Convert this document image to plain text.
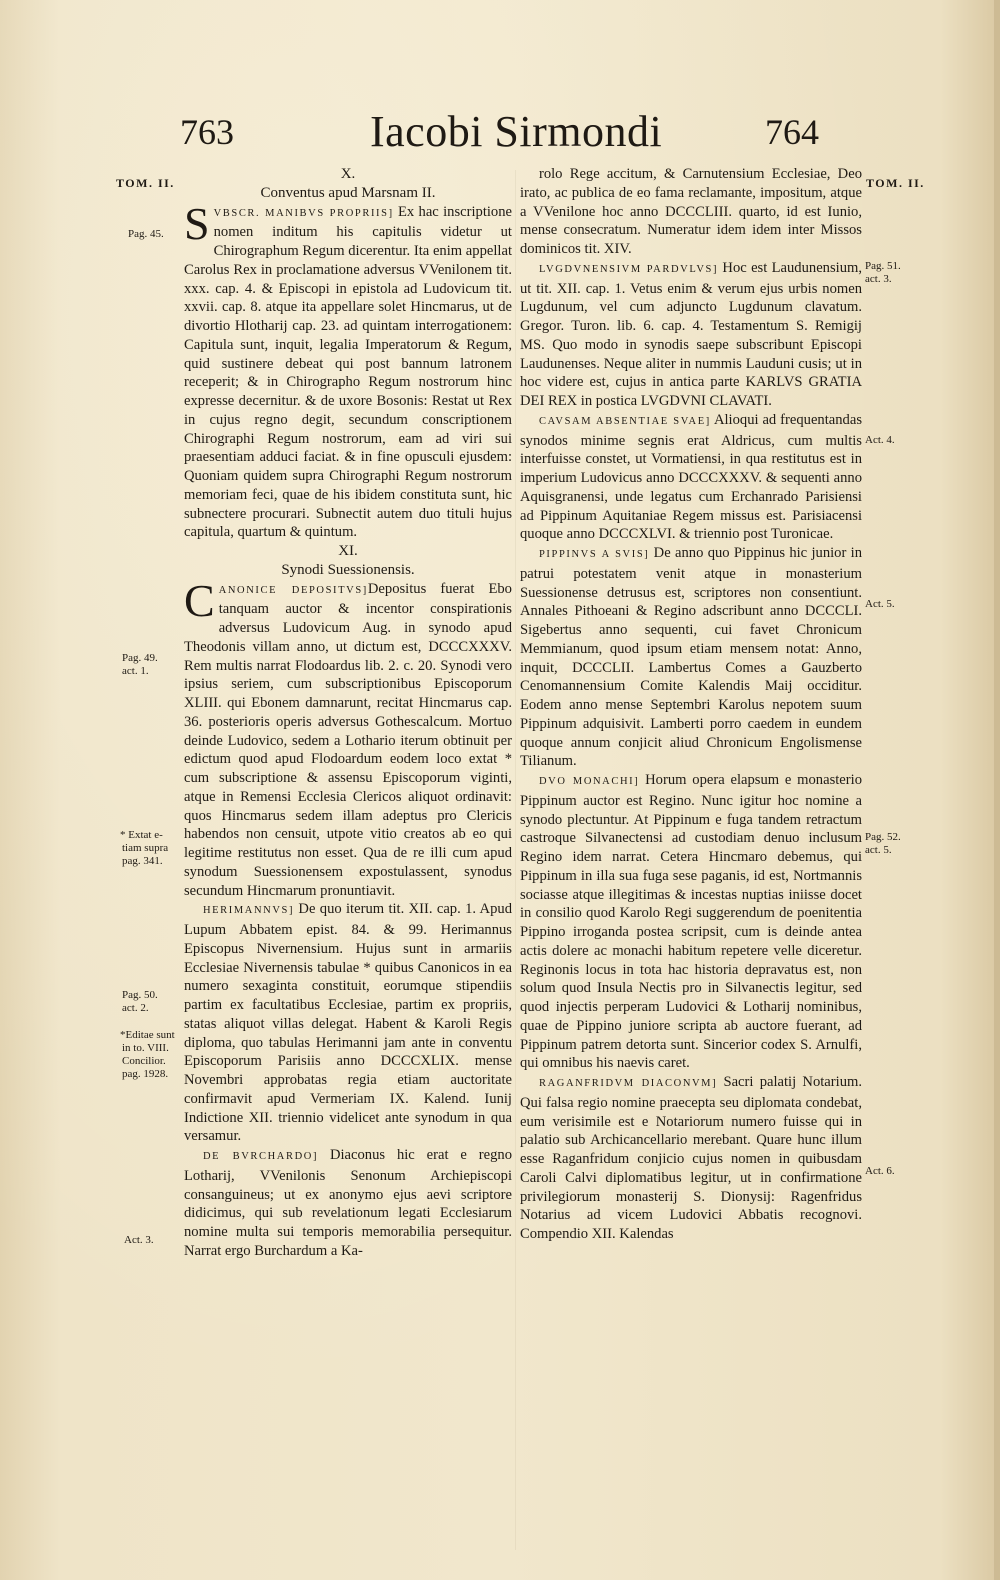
763	Iacobi Sirmondi	764
TOM. II.	TOM. II.
Pag. 45.
Pag. 49.
act. 1.
* Extat e-
tiam supra
pag. 341.
Pag. 50.
act. 2.
*Editae sunt
in to. VIII.
Concilior.
pag. 1928.
Act. 3.
Pag. 51.
act. 3.
Act. 4.
Act. 5.
Pag. 52.
act. 5.
Act. 6.
X.
Conventus apud Marsnam II.

SVBSCR. MANIBVS PROPRIIS] Ex hac inscriptione nomen inditum his capitulis videtur ut Chirographum Regum dicerentur. Ita enim appellat Carolus Rex in proclamatione adversus VVenilonem tit. xxx. cap. 4. & Episcopi in epistola ad Ludovicum tit. xxvii. cap. 8. atque ita appellare solet Hincmarus, ut de divortio Hlotharij cap. 23. ad quintam interrogationem: Capitula sunt, inquit, legalia Imperatorum & Regum, quid sustinere debeat qui post bannum latronem receperit; & in Chirographo Regum nostrorum hinc expresse decernitur. & de uxore Bosonis: Restat ut Rex in cujus regno degit, secundum conscriptionem Chirographi Regum nostrorum, eam ad viri sui praesentiam adduci faciat. & in fine opusculi ejusdem: Quoniam quidem supra Chirographi Regum nostrorum memoriam feci, quae de his ibidem constituta sunt, hic subnectere procurari. Subnectit autem duo tituli hujus capitula, quartum & quintum.

XI.
Synodi Suessionensis.

CANONICE DEPOSITVS]Depositus fuerat Ebo tanquam auctor & incentor conspirationis adversus Ludovicum Aug. in synodo apud Theodonis villam anno, ut dictum est, DCCCXXXV. Rem multis narrat Flodoardus lib. 2. c. 20. Synodi vero ipsius seriem, cum subscriptionibus Episcoporum XLIII. qui Ebonem damnarunt, recitat Hincmarus cap. 36. posterioris operis adversus Gothescalcum. Mortuo deinde Ludovico, sedem a Lothario iterum obtinuit per edictum quod apud Flodoardum eodem loco extat * cum subscriptione & assensu Episcoporum viginti, atque in Remensi Ecclesia Clericos aliquot ordinavit: quos Hincmarus sedem illam adeptus pro Clericis habendos non censuit, utpote vitio creatos ab eo qui legitime restitutus non esset. Qua de re illi cum apud synodum Suessionensem expostulassent, synodus secundum Hincmarum pronuntiavit.

HERIMANNVS] De quo iterum tit. XII. cap. 1. Apud Lupum Abbatem epist. 84. & 99. Herimannus Episcopus Nivernensium. Hujus sunt in armariis Ecclesiae Nivernensis tabulae * quibus Canonicos in ea numero sexaginta constituit, eorumque stipendiis partim ex facultatibus Ecclesiae, partim ex propriis, statas aliquot villas delegat. Habent & Karoli Regis diploma, quo tabulas Herimanni jam ante in conventu Episcoporum Parisiis anno DCCCXLIX. mense Novembri approbatas regia etiam auctoritate confirmavit apud Vermeriam IX. Kalend. Iunij Indictione XII. triennio videlicet ante synodum in qua versamur.

DE BVRCHARDO] Diaconus hic erat e regno Lotharij, VVenilonis Senonum Archiepiscopi consanguineus; ut ex anonymo ejus aevi scriptore didicimus, qui sub revelationum legati Ecclesiarum nomine multa sui temporis memorabilia persequitur. Narrat ergo Burchardum a Ka-

rolo Rege accitum, & Carnutensium Ecclesiae, Deo irato, ac publica de eo fama reclamante, impositum, atque a VVenilone hoc anno DCCCLIII. quarto, id est Iunio, mense consecratum. Numeratur idem idem inter Missos dominicos tit. XIV.

LVGDVNENSIVM PARDVLVS] Hoc est Laudunensium, ut tit. XII. cap. 1. Vetus enim & verum ejus urbis nomen Lugdunum, vel cum adjuncto Lugdunum clavatum. Gregor. Turon. lib. 6. cap. 4. Testamentum S. Remigij MS. Quo modo in synodis saepe subscribunt Episcopi Laudunenses. Neque aliter in nummis Lauduni cusis; ut in hoc videre est, cujus in antica parte KARLVS GRATIA DEI REX in postica LVGDVNI CLAVATI.

CAVSAM ABSENTIAE SVAE] Alioqui ad frequentandas synodos minime segnis erat Aldricus, cum multis interfuisse constet, ut Vormatiensi, in qua restitutus est in imperium Ludovicus anno DCCCXXXV. & sequenti anno Aquisgranensi, unde legatus cum Erchanrado Parisiensi ad Pippinum Aquitaniae Regem missus est. Parisiacensi quoque anno DCCCXLVI. & triennio post Turonicae.

PIPPINVS A SVIS] De anno quo Pippinus hic junior in patrui potestatem venit atque in monasterium Suessionense detrusus est, scriptores non consentiunt. Annales Pithoeani & Regino adscribunt anno DCCCLI. Sigebertus anno sequenti, cui favet Chronicum Memmianum, quod ipsum etiam mensem notat: Anno, inquit, DCCCLII. Lambertus Comes a Gauzberto Cenomannensium Comite Kalendis Maij occiditur. Eodem anno mense Septembri Karolus nepotem suum Pippinum adquisivit. Lamberti porro caedem in eundem quoque annum conjicit aliud Chronicum Engolismense Tilianum.

DVO MONACHI] Horum opera elapsum e monasterio Pippinum auctor est Regino. Nunc igitur hoc nomine a synodo plectuntur. At Pippinum e fuga tandem retractum castroque Silvanectensi ad custodiam denuo inclusum Regino idem narrat. Cetera Hincmaro debemus, qui Pippinum in illa sua fuga sese paganis, id est, Nortmannis sociasse atque illegitimas & incestas nuptias iniisse docet in consilio quod Karolo Regi suggerendum de poenitentia Pippino irroganda postea scripsit, cum is deinde antea actis dolere ac monachi habitum repetere velle diceretur. Reginonis locus in tota hac historia depravatus est, non solum quod Insula Nectis pro in Silvanectis legitur, sed quod injectis perperam Ludovici & Lotharij nominibus, quae de Pippino juniore scripta ab auctore fuerant, ad Pippinum patrem detorta sunt. Sincerior codex S. Arnulfi, qui omnibus his naevis caret.

RAGANFRIDVM DIACONVM] Sacri palatij Notarium. Qui falsa regio nomine praecepta seu diplomata condebat, eum verisimile est e Notariorum numero fuisse qui in palatio sub Archicancellario merebant. Quare hunc illum esse Raganfridum conjicio cujus nomen in quibusdam Caroli Calvi diplomatibus legitur, ut in confirmatione privilegiorum monasterij S. Dionysij: Ragenfridus Notarius ad vicem Ludovici Abbatis recognovi. Compendio XII. Kalendas
